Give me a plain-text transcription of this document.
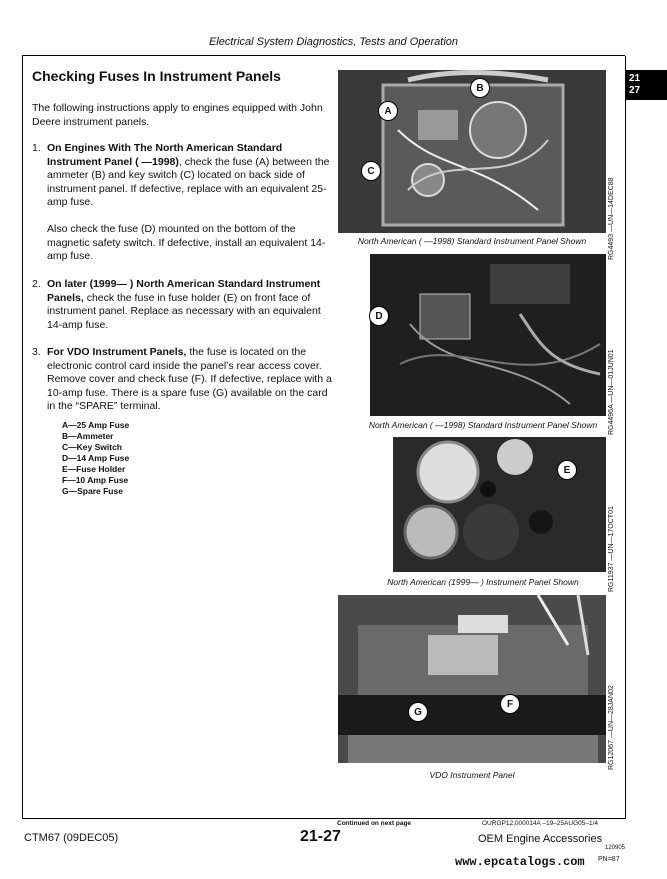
Electrical System Diagnostics, Tests and Operation
21
27
Checking Fuses In Instrument Panels
The following instructions apply to engines equipped with John Deere instrument panels.
1. On Engines With The North American Standard Instrument Panel ( —1998), check the fuse (A) between the ammeter (B) and key switch (C) located on back side of instrument panel. If defective, replace with an equivalent 25-amp fuse.
Also check the fuse (D) mounted on the bottom of the magnetic safety switch. If defective, install an equivalent 14-amp fuse.
2. On later (1999— ) North American Standard Instrument Panels, check the fuse in fuse holder (E) on front face of instrument panel. Replace as necessary with an equivalent 14-amp fuse.
3. For VDO Instrument Panels, the fuse is located on the electronic control card inside the panel’s rear access cover. Remove cover and check fuse (F). If defective, replace with a 10-amp fuse. There is a spare fuse (G) available on the card in the “SPARE” terminal.
A—25 Amp Fuse
B—Ammeter
C—Key Switch
D—14 Amp Fuse
E—Fuse Holder
F—10 Amp Fuse
G—Spare Fuse
A
B
C
North American ( —1998) Standard Instrument Panel Shown	RG4493 —UN—14DEC88
D
North American ( —1998) Standard Instrument Panel Shown	RG4496A —UN—01JUN01
E
North American (1999— ) Instrument Panel Shown	RG11937 —UN—17OCT01
G
F
VDO Instrument Panel
RG12067 —UN—28JAN02
Continued on next page	OURGP12,000014A –19–25AUG05–1/4
CTM67 (09DEC05)	21-27	OEM Engine Accessories
120905
www.epcatalogs.com PN=87
